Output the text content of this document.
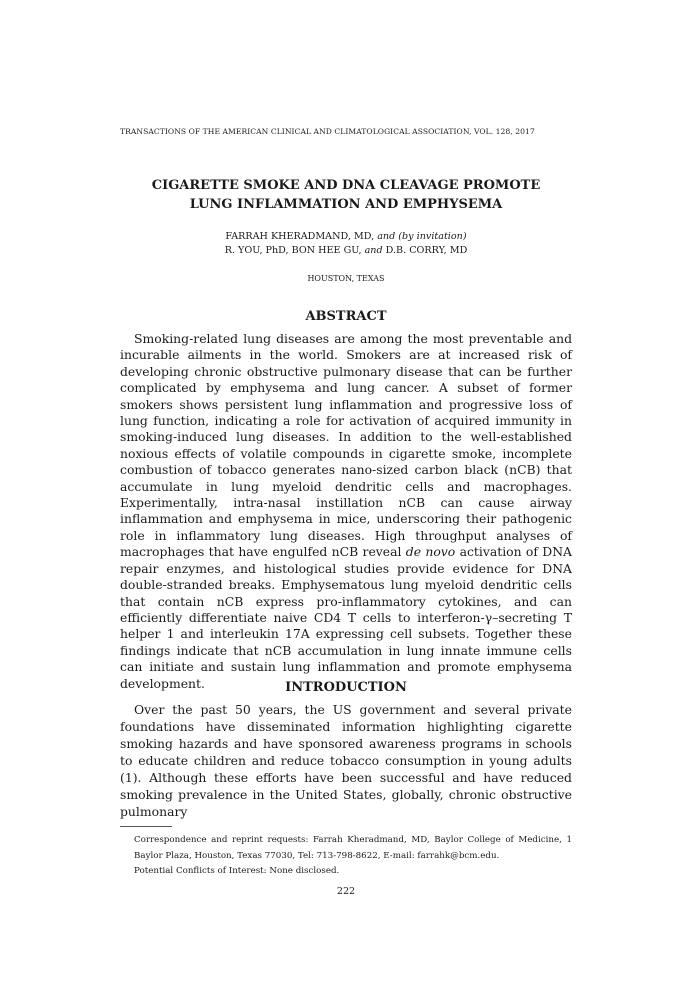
TRANSACTIONS OF THE AMERICAN CLINICAL AND CLIMATOLOGICAL ASSOCIATION, VOL. 128, 2017
CIGARETTE SMOKE AND DNA CLEAVAGE PROMOTE
LUNG INFLAMMATION AND EMPHYSEMA
FARRAH KHERADMAND, MD, and (by invitation)
R. YOU, PhD, BON HEE GU, and D.B. CORRY, MD
HOUSTON, TEXAS
ABSTRACT

Smoking-related lung diseases are among the most preventable and incurable ailments in the world. Smokers are at increased risk of developing chronic obstructive pulmonary disease that can be further complicated by emphysema and lung cancer. A subset of former smokers shows persistent lung inflammation and progressive loss of lung function, indicating a role for activation of acquired immunity in smoking-induced lung diseases. In addition to the well-established noxious effects of volatile compounds in cigarette smoke, incomplete combustion of tobacco generates nano-sized carbon black (nCB) that accumulate in lung myeloid dendritic cells and macrophages. Experimentally, intra-nasal instillation nCB can cause airway inflammation and emphysema in mice, underscoring their pathogenic role in inflammatory lung diseases. High throughput analyses of macrophages that have engulfed nCB reveal de novo activation of DNA repair enzymes, and histological studies provide evidence for DNA double-stranded breaks. Emphysematous lung myeloid dendritic cells that contain nCB express pro-inflammatory cytokines, and can efficiently differentiate naive CD4 T cells to interferon-γ–secreting T helper 1 and interleukin 17A expressing cell subsets. Together these findings indicate that nCB accumulation in lung innate immune cells can initiate and sustain lung inflammation and promote emphysema development.	INTRODUCTION

Over the past 50 years, the US government and several private foundations have disseminated information highlighting cigarette smoking hazards and have sponsored awareness programs in schools to educate children and reduce tobacco consumption in young adults (1). Although these efforts have been successful and have reduced smoking prevalence in the United States, globally, chronic obstructive pulmonary

Correspondence and reprint requests: Farrah Kheradmand, MD, Baylor College of Medicine, 1 Baylor Plaza, Houston, Texas 77030, Tel: 713-798-8622, E-mail: farrahk@bcm.edu.
Potential Conflicts of Interest: None disclosed.
222
